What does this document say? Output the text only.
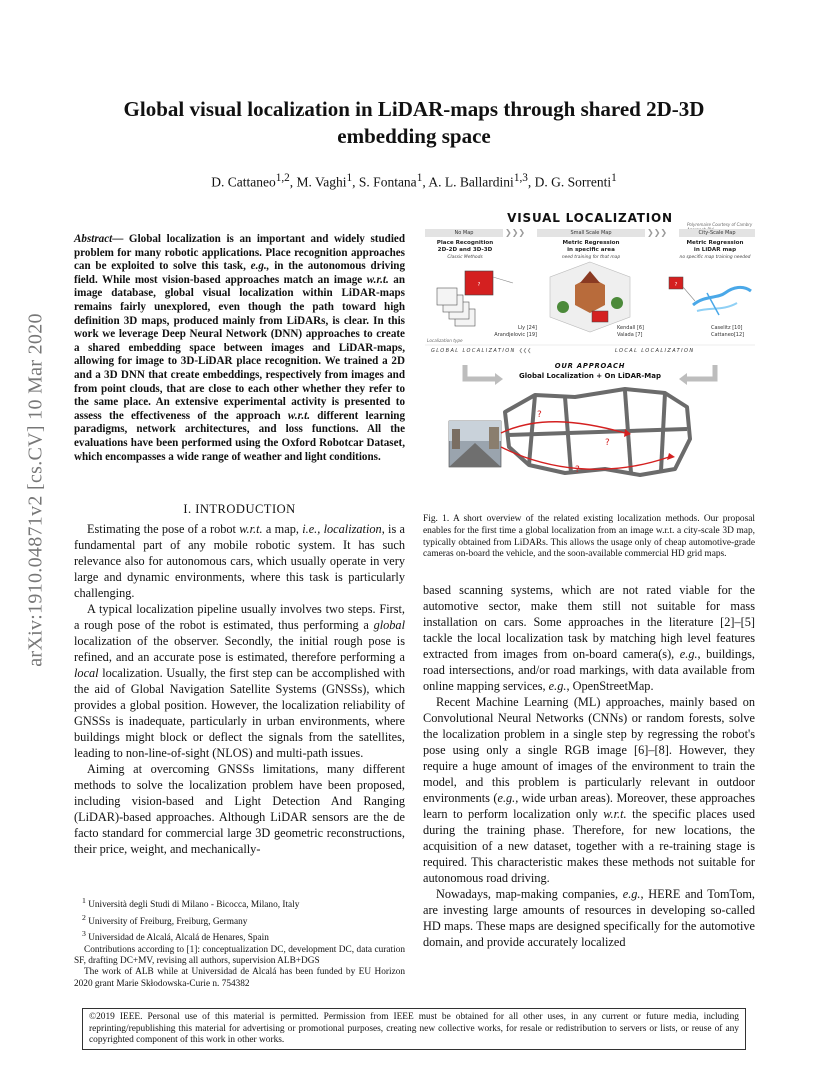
Global visual localization in LiDAR-maps through shared 2D-3D embedding space
D. Cattaneo$^{1,2}$, M. Vaghi$^1$, S. Fontana$^1$, A. L. Ballardini$^{1,3}$, D. G. Sorrenti$^1$
arXiv:1910.04871v2 [cs.CV] 10 Mar 2020
Abstract— Global localization is an important and widely studied problem for many robotic applications. Place recognition approaches can be exploited to solve this task, e.g., in the autonomous driving field. While most vision-based approaches match an image w.r.t. an image database, global visual localization within LiDAR-maps remains fairly unexplored, even though the path toward high definition 3D maps, produced mainly from LiDARs, is clear. In this work we leverage Deep Neural Network (DNN) approaches to create a shared embedding space between images and LiDAR-maps, allowing for image to 3D-LiDAR place recognition. We trained a 2D and a 3D DNN that create embeddings, respectively from images and from point clouds, that are close to each other whether they refer to the same place. An extensive experimental activity is presented to assess the effectiveness of the approach w.r.t. different learning paradigms, network architectures, and loss functions. All the evaluations have been performed using the Oxford Robotcar Dataset, which encompasses a wide range of weather and light conditions.
I. INTRODUCTION

Estimating the pose of a robot w.r.t. a map, i.e., localization, is a fundamental part of any mobile robotic system. It has such relevance also for autonomous cars, which usually operate in very large and dynamic environments, where this task is particularly challenging.

A typical localization pipeline usually involves two steps. First, a rough pose of the robot is estimated, thus performing a global localization of the observer. Secondly, the initial rough pose is refined, and an accurate pose is estimated, therefore performing a local localization. Usually, the first step can be accomplished with the aid of Global Navigation Satellite Systems (GNSSs), which provides a global position. However, the localization reliability of GNSSs is inadequate, particularly in urban environments, where buildings might block or deflect the signals from the satellites, leading to non-line-of-sight (NLOS) and multi-path issues.

Aiming at overcoming GNSSs limitations, many different methods to solve the localization problem have been proposed, including vision-based and Light Detection And Ranging (LiDAR)-based approaches. Although LiDAR sensors are the de facto standard for commercial large 3D geometric reconstructions, their price, weight, and mechanically-

$^1$ Università degli Studi di Milano - Bicocca, Milano, Italy

$^2$ University of Freiburg, Freiburg, Germany

$^3$ Universidad de Alcalá, Alcalá de Henares, Spain

Contributions according to [1]: conceptualization DC, development DC, data curation SF, drafting DC+MV, revising all authors, supervision ALB+DGS

The work of ALB while at Universidad de Alcalá has been funded by EU Horizon 2020 grant Marie Skłodowska-Curie n. 754382

VISUAL LOCALIZATION	Polyremaire Courtesy of Cambry
No Map	❯❯❯	Small Scale Map	❯❯❯	City-Scale Map
Place Recognition
2D-2D and 3D-3D
Classic Methods
Metric Regression
in specific area
need training for that map
Metric Regression
in LiDAR map
no specific map training needed
?	?
?
?
?
Lly [24]
Arandjelovic [19]
Kendall [6]
Valada [7]
Caselitz [10]
Cattaneo[12]
Localization type
GLOBAL LOCALIZATION ❮❮❮	LOCAL LOCALIZATION
OUR APPROACH
Global Localization + On LiDAR-Map
Fig. 1. A short overview of the related existing localization methods. Our proposal enables for the first time a global localization from an image w.r.t. a city-scale 3D map, typically obtained from LiDARs. This allows the usage only of cheap automotive-grade cameras on-board the vehicle, and the soon-available commercial HD grid maps.

based scanning systems, which are not rated viable for the automotive sector, make them still not suitable for mass installation on cars. Some approaches in the literature [2]–[5] tackle the local localization task by matching high level features extracted from images from on-board camera(s), e.g., buildings, road intersections, and/or road markings, with data available from online mapping services, e.g., OpenStreetMap.

Recent Machine Learning (ML) approaches, mainly based on Convolutional Neural Networks (CNNs) or random forests, solve the localization problem in a single step by regressing the robot's pose using only a single RGB image [6]–[8]. However, they require a huge amount of images of the environment to train the model, and this problem is particularly relevant in outdoor environments (e.g., wide urban areas). Moreover, these approaches learn to perform localization only w.r.t. the specific places used during the training phase. Therefore, for new locations, the acquisition of a new dataset, together with a re-training stage is required. This characteristic makes these methods not suitable for autonomous road driving.

Nowadays, map-making companies, e.g., HERE and TomTom, are investing large amounts of resources in developing so-called HD maps. These maps are designed specifically for the automotive domain, and provide accurately localized

©2019 IEEE. Personal use of this material is permitted. Permission from IEEE must be obtained for all other uses, in any current or future media, including reprinting/republishing this material for advertising or promotional purposes, creating new collective works, for resale or redistribution to servers or lists, or reuse of any copyrighted component of this work in other works.
